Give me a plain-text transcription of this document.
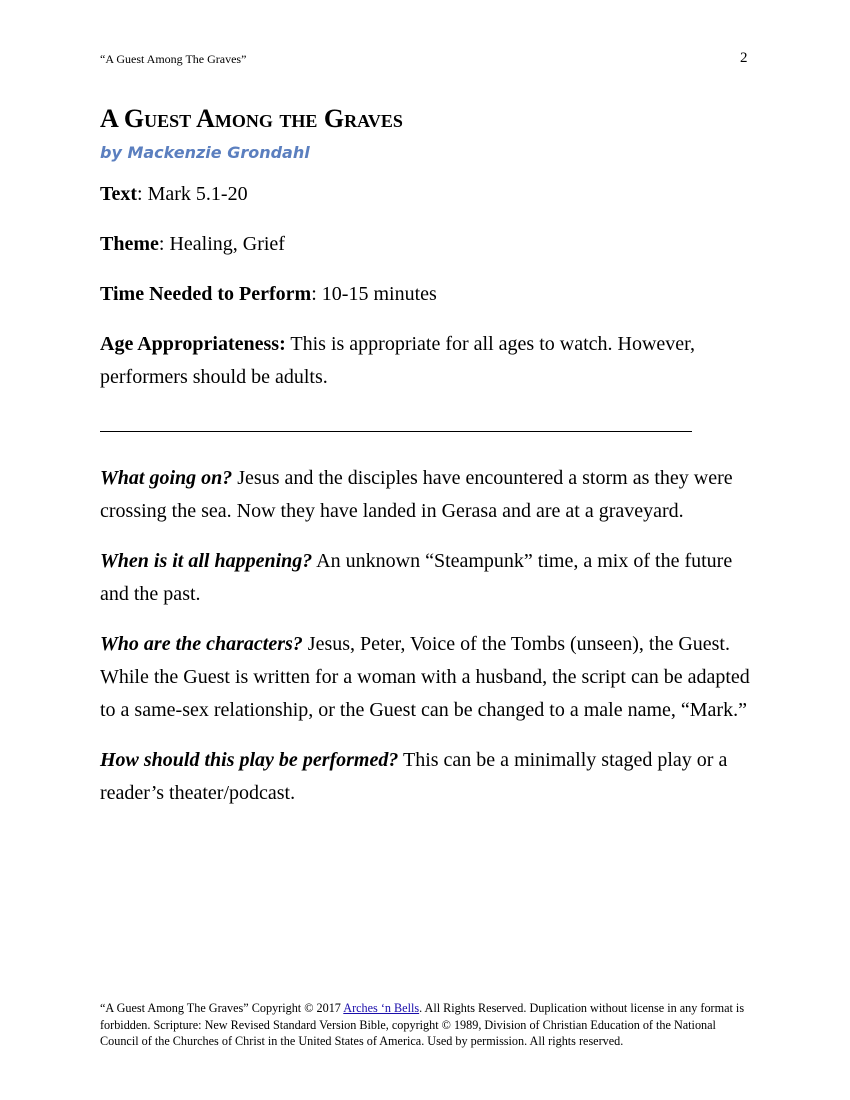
“A Guest Among The Graves”	2
A Guest Among the Graves
by Mackenzie Grondahl

Text: Mark 5.1-20

Theme: Healing, Grief

Time Needed to Perform: 10-15 minutes

Age Appropriateness: This is appropriate for all ages to watch. However, performers should be adults.

What going on? Jesus and the disciples have encountered a storm as they were crossing the sea. Now they have landed in Gerasa and are at a graveyard.

When is it all happening? An unknown “Steampunk” time, a mix of the future and the past.

Who are the characters? Jesus, Peter, Voice of the Tombs (unseen), the Guest. While the Guest is written for a woman with a husband, the script can be adapted to a same-sex relationship, or the Guest can be changed to a male name, “Mark.”

How should this play be performed? This can be a minimally staged play or a reader’s theater/podcast.

“A Guest Among The Graves” Copyright © 2017 Arches ‘n Bells. All Rights Reserved. Duplication without license in any format is forbidden. Scripture: New Revised Standard Version Bible, copyright © 1989, Division of Christian Education of the National Council of the Churches of Christ in the United States of America. Used by permission. All rights reserved.
